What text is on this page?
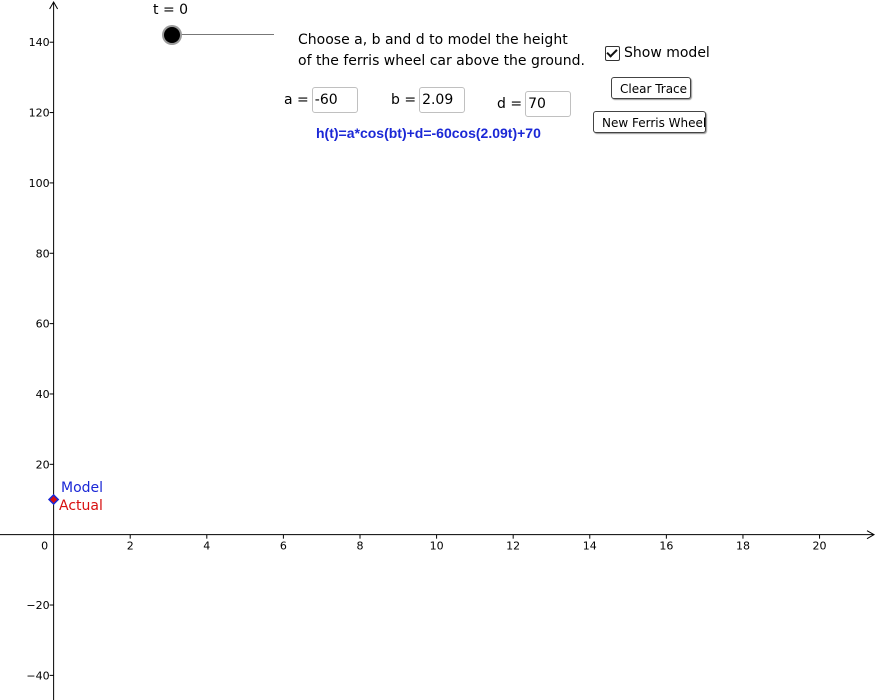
0	2	4	6	8	10	12	14	16	18	20
−40
−20
20
40
60
80
100
120
140
t = 0
Choose a, b and d to model the height
of the ferris wheel car above the ground.
a =
-60	b =
2.09	d =
70
h(t)=a*cos(bt)+d=-60cos(2.09t)+70
Show model
Clear Trace
New Ferris Wheel
Model
Actual
